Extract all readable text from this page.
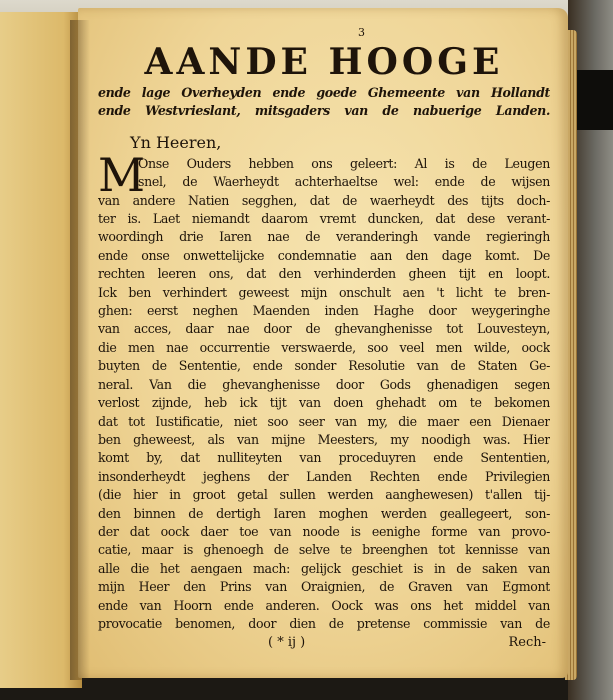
3

AANDE HOOGE
ende lage Overheyden ende goede Ghemeente van Hollandt
ende Westvrieslant, mitsgaders van de nabuerige Landen.

Yn Heeren,

M
Onse Ouders hebben ons geleert: Al is de Leugen
snel, de Waerheydt achterhaeltse wel: ende de wijsen
van andere Natien segghen, dat de waerheydt des tijts doch-
ter is. Laet niemandt daarom vremt duncken, dat dese verant-
woordingh drie Iaren nae de veranderingh vande regieringh
ende onse onwettelijcke condemnatie aan den dage komt. De
rechten leeren ons, dat den verhinderden gheen tijt en loopt.
Ick ben verhindert geweest mijn onschult aen 't licht te bren-
ghen: eerst neghen Maenden inden Haghe door weygeringhe
van acces, daar nae door de ghevanghenisse tot Louvesteyn,
die men nae occurrentie verswaerde, soo veel men wilde, oock
buyten de Sententie, ende sonder Resolutie van de Staten Ge-
neral. Van die ghevanghenisse door Gods ghenadigen segen
verlost zijnde, heb ick tijt van doen ghehadt om te bekomen
dat tot Iustificatie, niet soo seer van my, die maer een Dienaer
ben gheweest, als van mijne Meesters, my noodigh was. Hier
komt by, dat nulliteyten van proceduyren ende Sententien,
insonderheydt jeghens der Landen Rechten ende Privilegien
(die hier in groot getal sullen werden aanghewesen) t'allen tij-
den binnen de dertigh Iaren moghen werden geallegeert, son-
der dat oock daer toe van noode is eenighe forme van provo-
catie, maar is ghenoegh de selve te breenghen tot kennisse van
alle die het aengaen mach: gelijck geschiet is in de saken van
mijn Heer den Prins van Oraignien, de Graven van Egmont
ende van Hoorn ende anderen. Oock was ons het middel van
provocatie benomen, door dien de pretense commissie van de
( * ij )	Rech-
